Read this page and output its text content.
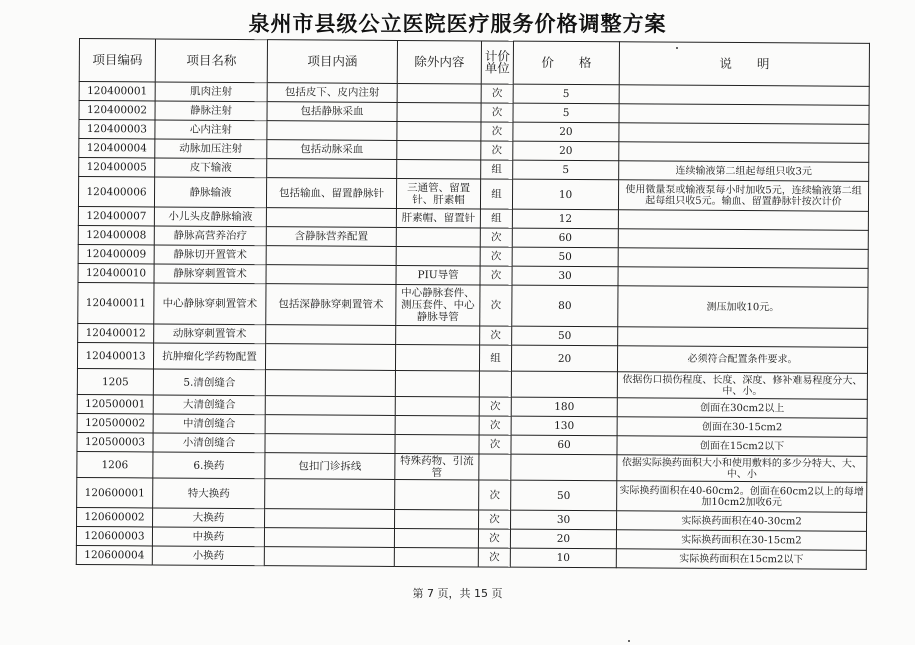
泉州市县级公立医院医疗服务价格调整方案
项目编码	项目名称	项目内涵	除外内容	计价单位	价　　格	说　　明
120400001	肌肉注射	包括皮下、皮内注射		次	5	
120400002	静脉注射	包括静脉采血		次	5	
120400003	心内注射			次	20	
120400004	动脉加压注射	包括动脉采血		次	20	
120400005	皮下输液			组	5	连续输液第二组起每组只收3元
120400006	静脉输液	包括输血、留置静脉针	三通管、留置针、肝素帽	组	10	使用微量泵或输液泵每小时加收5元，连续输液第二组起每组只收5元。输血、留置静脉针按次计价
120400007	小儿头皮静脉输液		肝素帽、留置针	组	12	
120400008	静脉高营养治疗	含静脉营养配置		次	60	
120400009	静脉切开置管术			次	50	
120400010	静脉穿刺置管术		PIU导管	次	30	
120400011	中心静脉穿刺置管术	包括深静脉穿刺置管术	中心静脉套件、测压套件、中心静脉导管	次	80	测压加收10元。
120400012	动脉穿刺置管术			次	50	
120400013	抗肿瘤化学药物配置			组	20	必须符合配置条件要求。
1205	5.清创缝合					依据伤口损伤程度、长度、深度、修补难易程度分大、中、小。
120500001	大清创缝合			次	180	创面在30cm2以上
120500002	中清创缝合			次	130	创面在30-15cm2
120500003	小清创缝合			次	60	创面在15cm2以下
1206	6.换药	包扣门诊拆线	特殊药物、引流管			依据实际换药面积大小和使用敷料的多少分特大、大、中、小
120600001	特大换药			次	50	实际换药面积在40-60cm2。创面在60cm2以上的每增加10cm2加收6元
120600002	大换药			次	30	实际换药面积在40-30cm2
120600003	中换药			次	20	实际换药面积在30-15cm2
120600004	小换药			次	10	实际换药面积在15cm2以下
第 7 页，共 15 页
